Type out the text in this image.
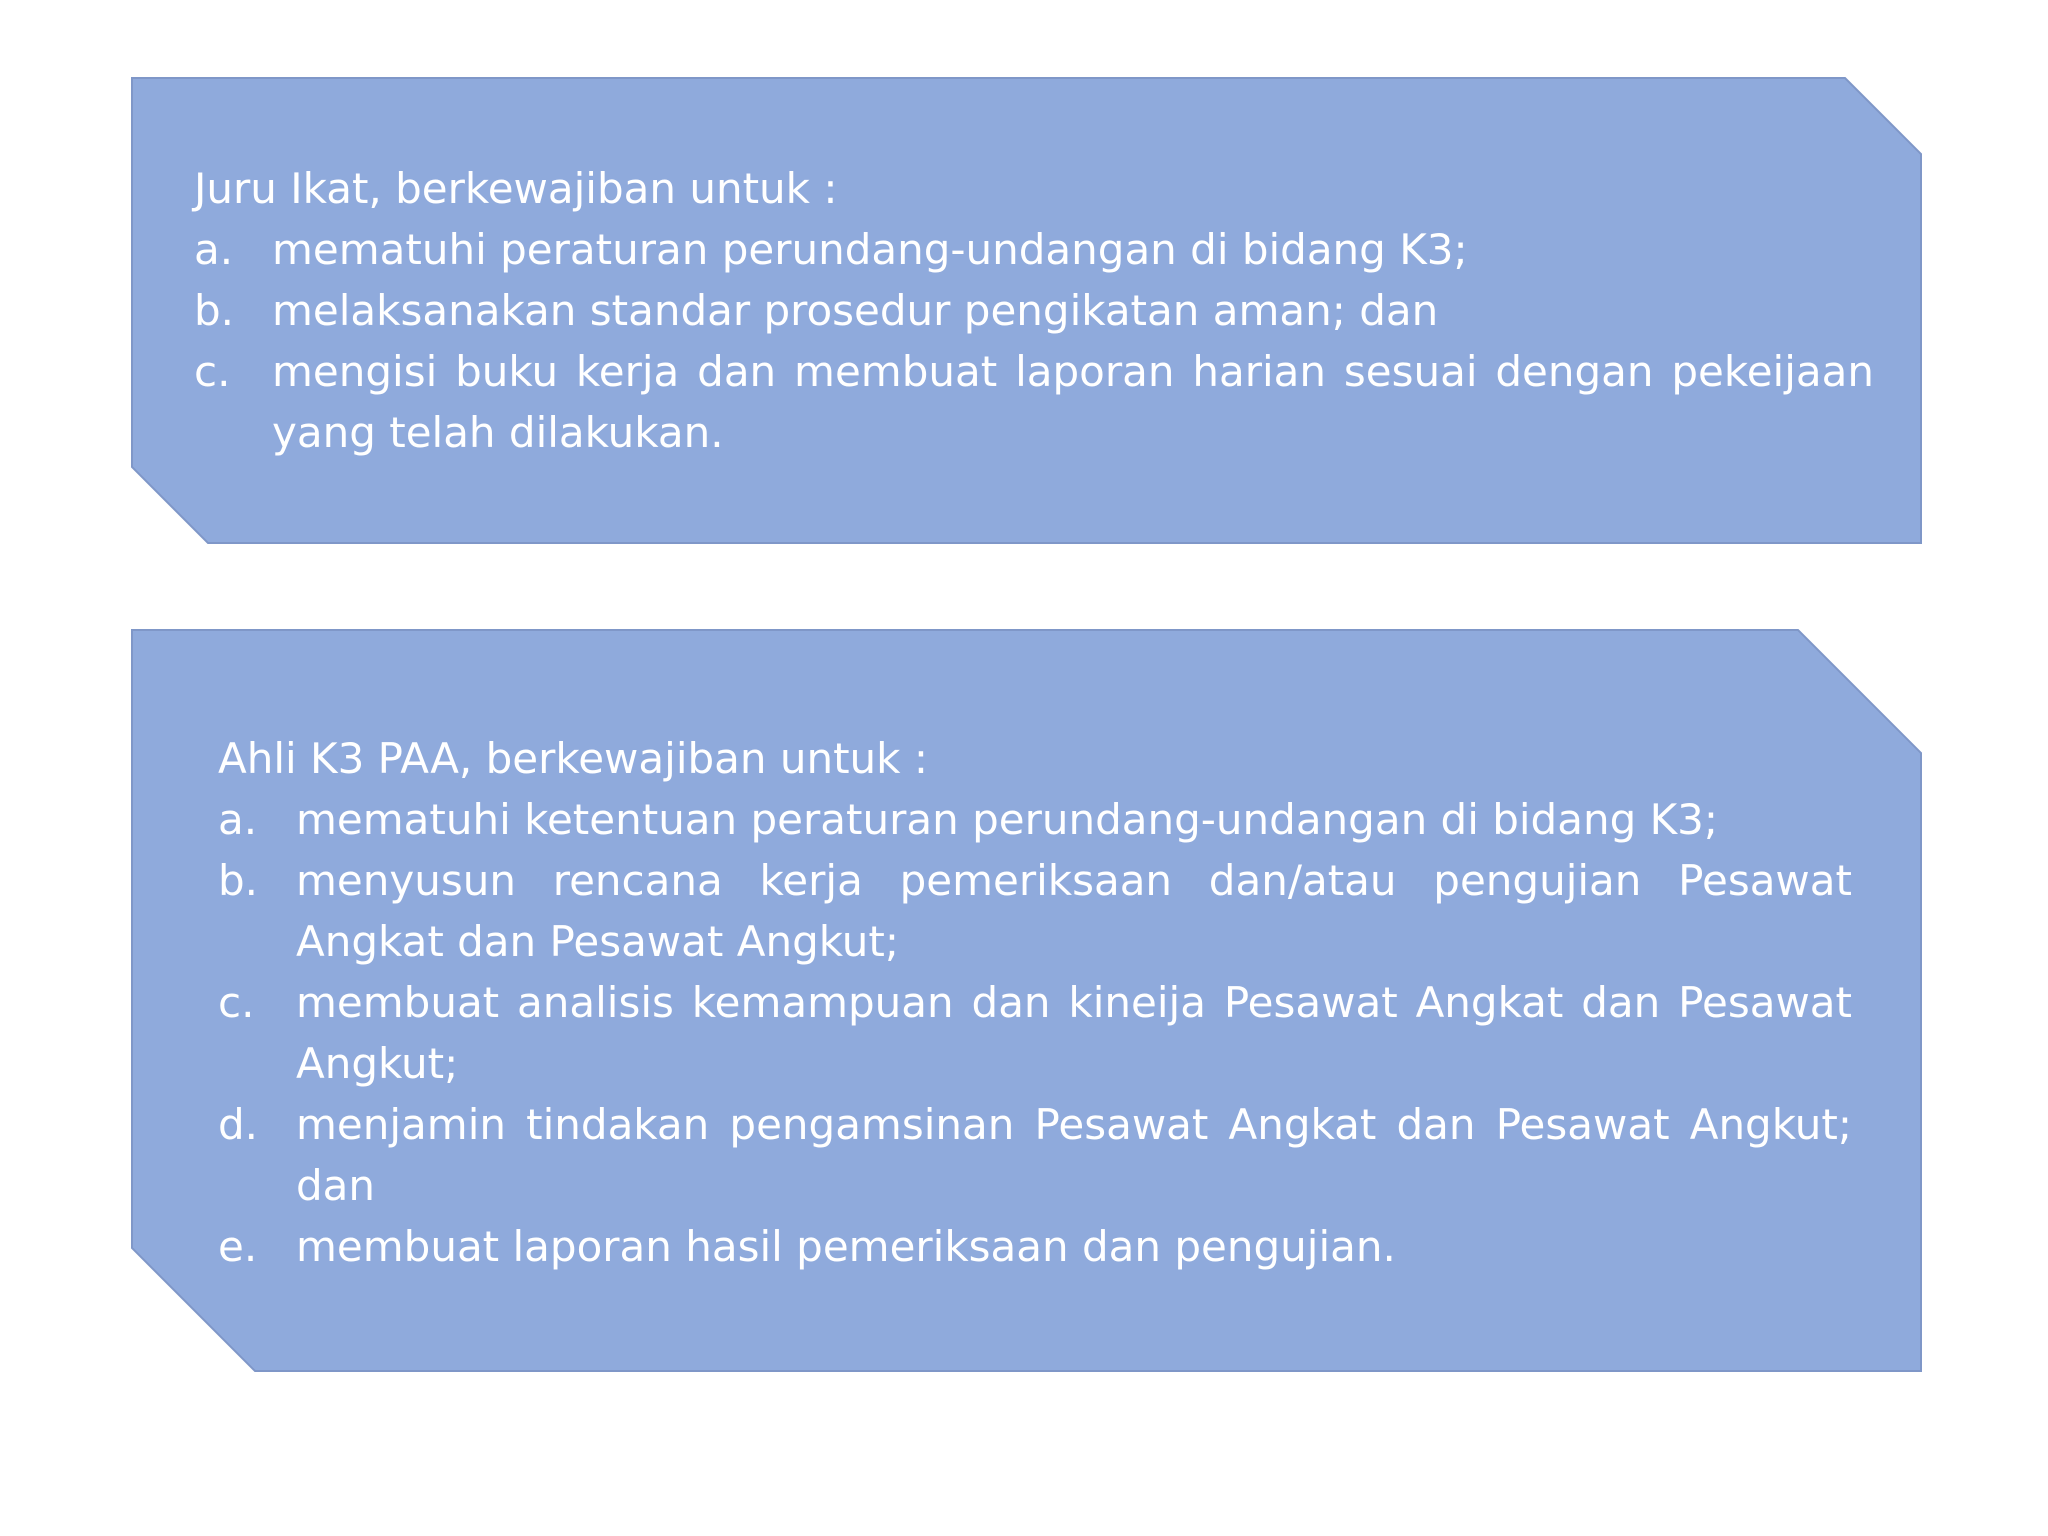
Juru Ikat, berkewajiban untuk :

a. mematuhi peraturan perundang-undangan di bidang K3;
b. melaksanakan standar prosedur pengikatan aman; dan
c. mengisi buku kerja dan membuat laporan harian sesuai dengan pekeijaan yang telah dilakukan.

Ahli K3 PAA, berkewajiban untuk :

a. mematuhi ketentuan peraturan perundang-undangan di bidang K3;
b. menyusun rencana kerja pemeriksaan dan/atau pengujian Pesawat Angkat dan Pesawat Angkut;
c. membuat analisis kemampuan dan kineija Pesawat Angkat dan Pesawat Angkut;
d. menjamin tindakan pengamsinan Pesawat Angkat dan Pesawat Angkut; dan
e. membuat laporan hasil pemeriksaan dan pengujian.
